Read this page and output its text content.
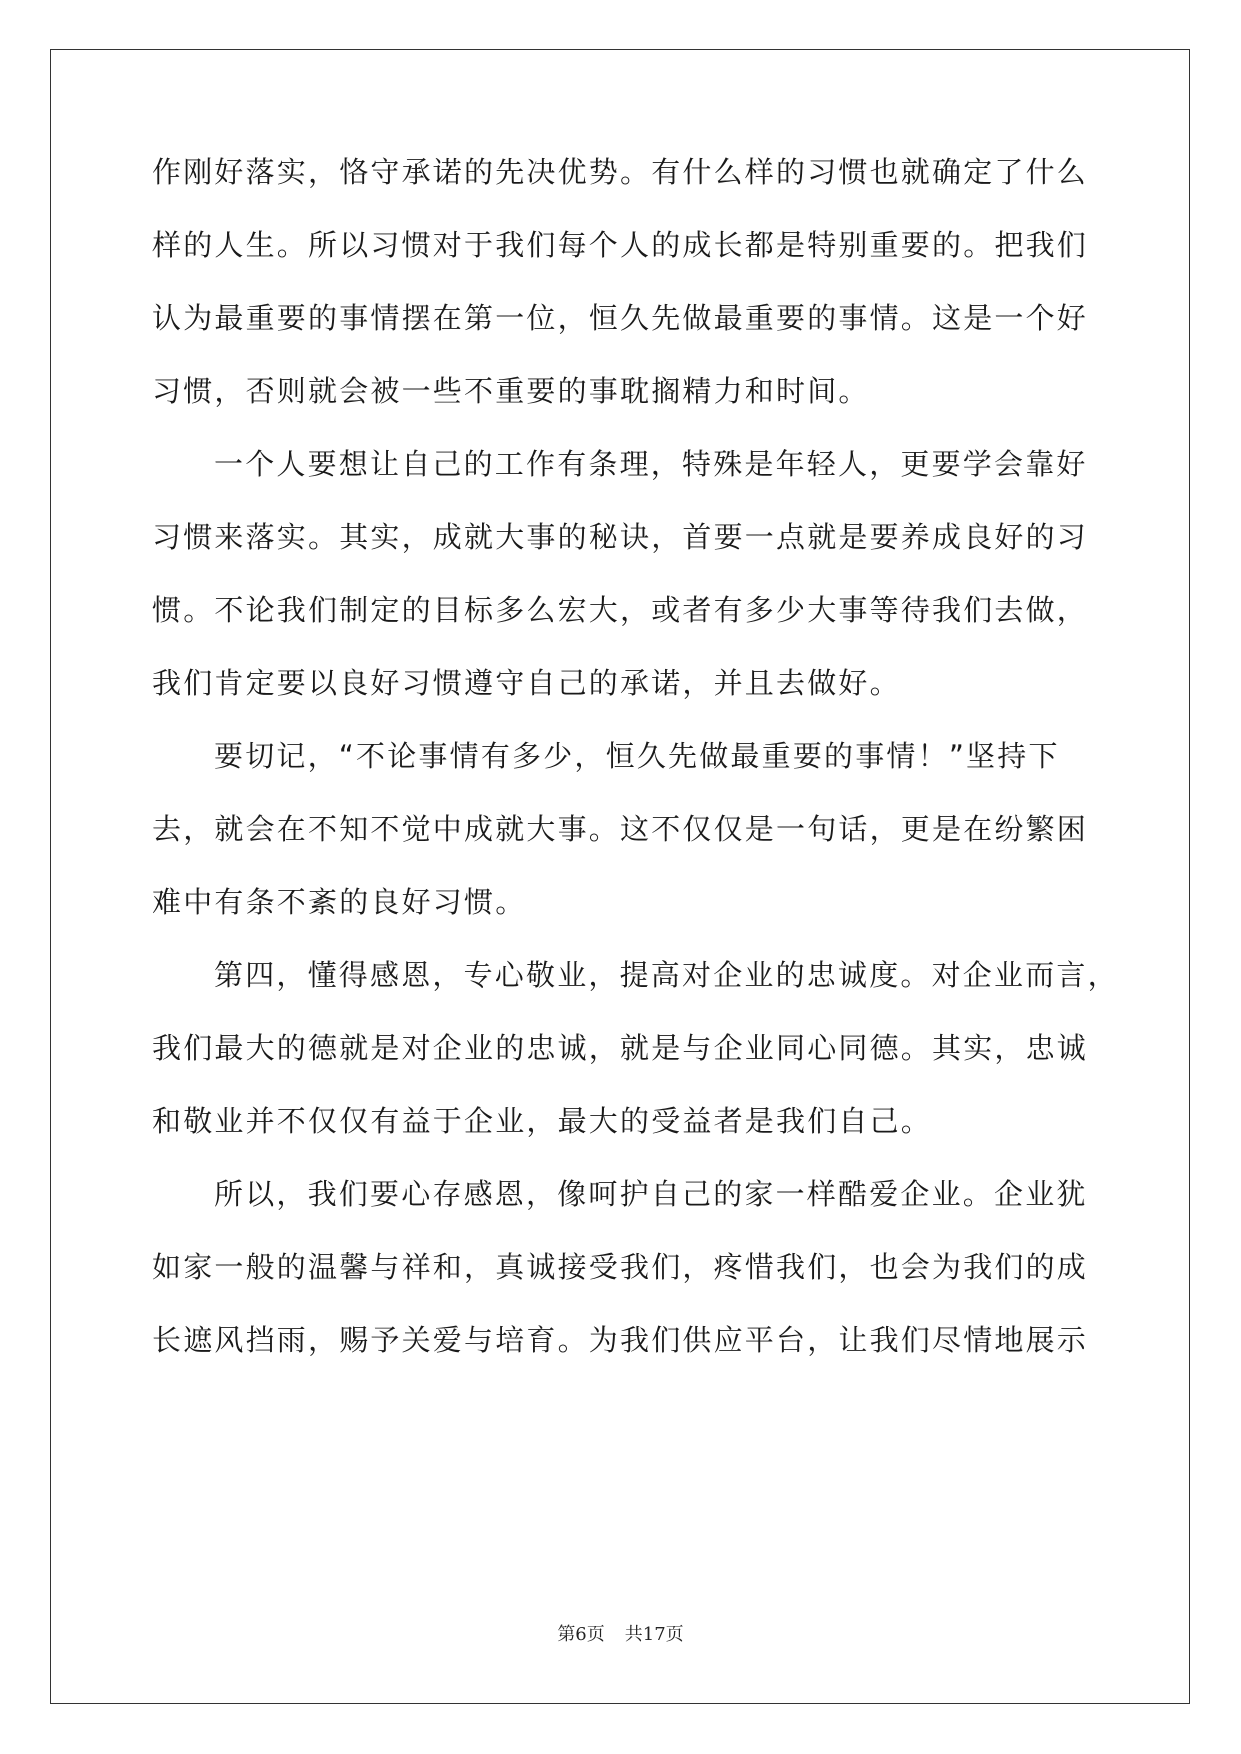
作刚好落实，恪守承诺的先决优势。有什么样的习惯也就确定了什么
样的人生。所以习惯对于我们每个人的成长都是特别重要的。把我们
认为最重要的事情摆在第一位，恒久先做最重要的事情。这是一个好
习惯，否则就会被一些不重要的事耽搁精力和时间。
一个人要想让自己的工作有条理，特殊是年轻人，更要学会靠好
习惯来落实。其实，成就大事的秘诀，首要一点就是要养成良好的习
惯。不论我们制定的目标多么宏大，或者有多少大事等待我们去做，
我们肯定要以良好习惯遵守自己的承诺，并且去做好。
要切记，“不论事情有多少，恒久先做最重要的事情！”坚持下
去，就会在不知不觉中成就大事。这不仅仅是一句话，更是在纷繁困
难中有条不紊的良好习惯。
第四，懂得感恩，专心敬业，提高对企业的忠诚度。对企业而言，
我们最大的德就是对企业的忠诚，就是与企业同心同德。其实，忠诚
和敬业并不仅仅有益于企业，最大的受益者是我们自己。
所以，我们要心存感恩，像呵护自己的家一样酷爱企业。企业犹
如家一般的温馨与祥和，真诚接受我们，疼惜我们，也会为我们的成
长遮风挡雨，赐予关爱与培育。为我们供应平台，让我们尽情地展示
第6页 共17页
